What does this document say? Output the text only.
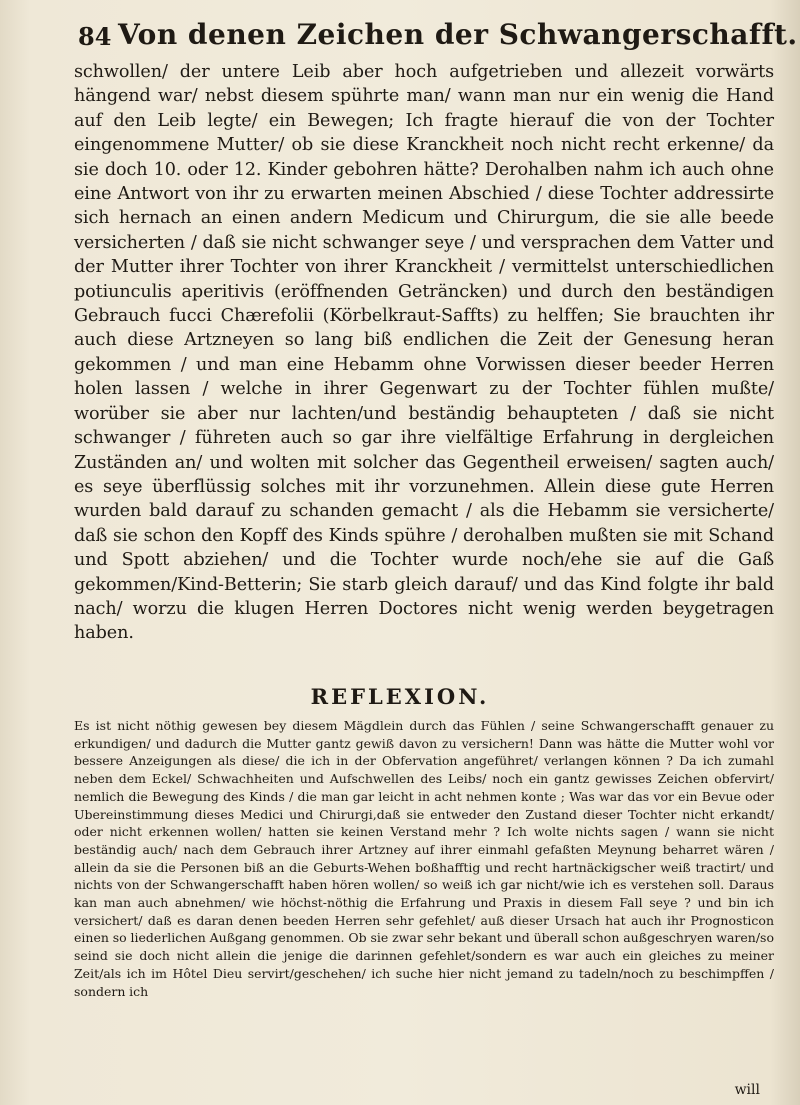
84 Von denen Zeichen der Schwangerschafft.

schwollen/ der untere Leib aber hoch aufgetrieben und allezeit vorwärts hängend war/ nebst diesem spührte man/ wann man nur ein wenig die Hand auf den Leib legte/ ein Bewegen; Ich fragte hierauf die von der Tochter eingenommene Mutter/ ob sie diese Kranckheit noch nicht recht erkenne/ da sie doch 10. oder 12. Kinder gebohren hätte? Derohalben nahm ich auch ohne eine Antwort von ihr zu erwarten meinen Abschied / diese Tochter addressirte sich hernach an einen andern Medicum und Chirurgum, die sie alle beede versicherten / daß sie nicht schwanger seye / und versprachen dem Vatter und der Mutter ihrer Tochter von ihrer Kranckheit / vermittelst unterschiedlichen potiunculis aperitivis (eröffnenden Geträncken) und durch den beständigen Gebrauch fucci Chærefolii (Körbelkraut-Saffts) zu helffen; Sie brauchten ihr auch diese Artzneyen so lang biß endlichen die Zeit der Genesung heran gekommen / und man eine Hebamm ohne Vorwissen dieser beeder Herren holen lassen / welche in ihrer Gegenwart zu der Tochter fühlen mußte/ worüber sie aber nur lachten/und beständig behaupteten / daß sie nicht schwanger / führeten auch so gar ihre vielfältige Erfahrung in dergleichen Zuständen an/ und wolten mit solcher das Gegentheil erweisen/ sagten auch/ es seye überflüssig solches mit ihr vorzunehmen. Allein diese gute Herren wurden bald darauf zu schanden gemacht / als die Hebamm sie versicherte/ daß sie schon den Kopff des Kinds spühre / derohalben mußten sie mit Schand und Spott abziehen/ und die Tochter wurde noch/ehe sie auf die Gaß gekommen/Kind-Betterin; Sie starb gleich darauf/ und das Kind folgte ihr bald nach/ worzu die klugen Herren Doctores nicht wenig werden beygetragen haben.

REFLEXION.

Es ist nicht nöthig gewesen bey diesem Mägdlein durch das Fühlen / seine Schwangerschafft genauer zu erkundigen/ und dadurch die Mutter gantz gewiß davon zu versichern! Dann was hätte die Mutter wohl vor bessere Anzeigungen als diese/ die ich in der Obfervation angeführet/ verlangen können ? Da ich zumahl neben dem Eckel/ Schwachheiten und Aufschwellen des Leibs/ noch ein gantz gewisses Zeichen obfervirt/ nemlich die Bewegung des Kinds / die man gar leicht in acht nehmen konte ; Was war das vor ein Bevue oder Ubereinstimmung dieses Medici und Chirurgi,daß sie entweder den Zustand dieser Tochter nicht erkandt/ oder nicht erkennen wollen/ hatten sie keinen Verstand mehr ? Ich wolte nichts sagen / wann sie nicht beständig auch/ nach dem Gebrauch ihrer Artzney auf ihrer einmahl gefaßten Meynung beharret wären / allein da sie die Personen biß an die Geburts-Wehen boßhafftig und recht hartnäckigscher weiß tractirt/ und nichts von der Schwangerschafft haben hören wollen/ so weiß ich gar nicht/wie ich es verstehen soll. Daraus kan man auch abnehmen/ wie höchst-nöthig die Erfahrung und Praxis in diesem Fall seye ? und bin ich versichert/ daß es daran denen beeden Herren sehr gefehlet/ auß dieser Ursach hat auch ihr Prognosticon einen so liederlichen Außgang genommen. Ob sie zwar sehr bekant und überall schon außgeschryen waren/so seind sie doch nicht allein die jenige die darinnen gefehlet/sondern es war auch ein gleiches zu meiner Zeit/als ich im Hôtel Dieu servirt/geschehen/ ich suche hier nicht jemand zu tadeln/noch zu beschimpffen / sondern ich

will
